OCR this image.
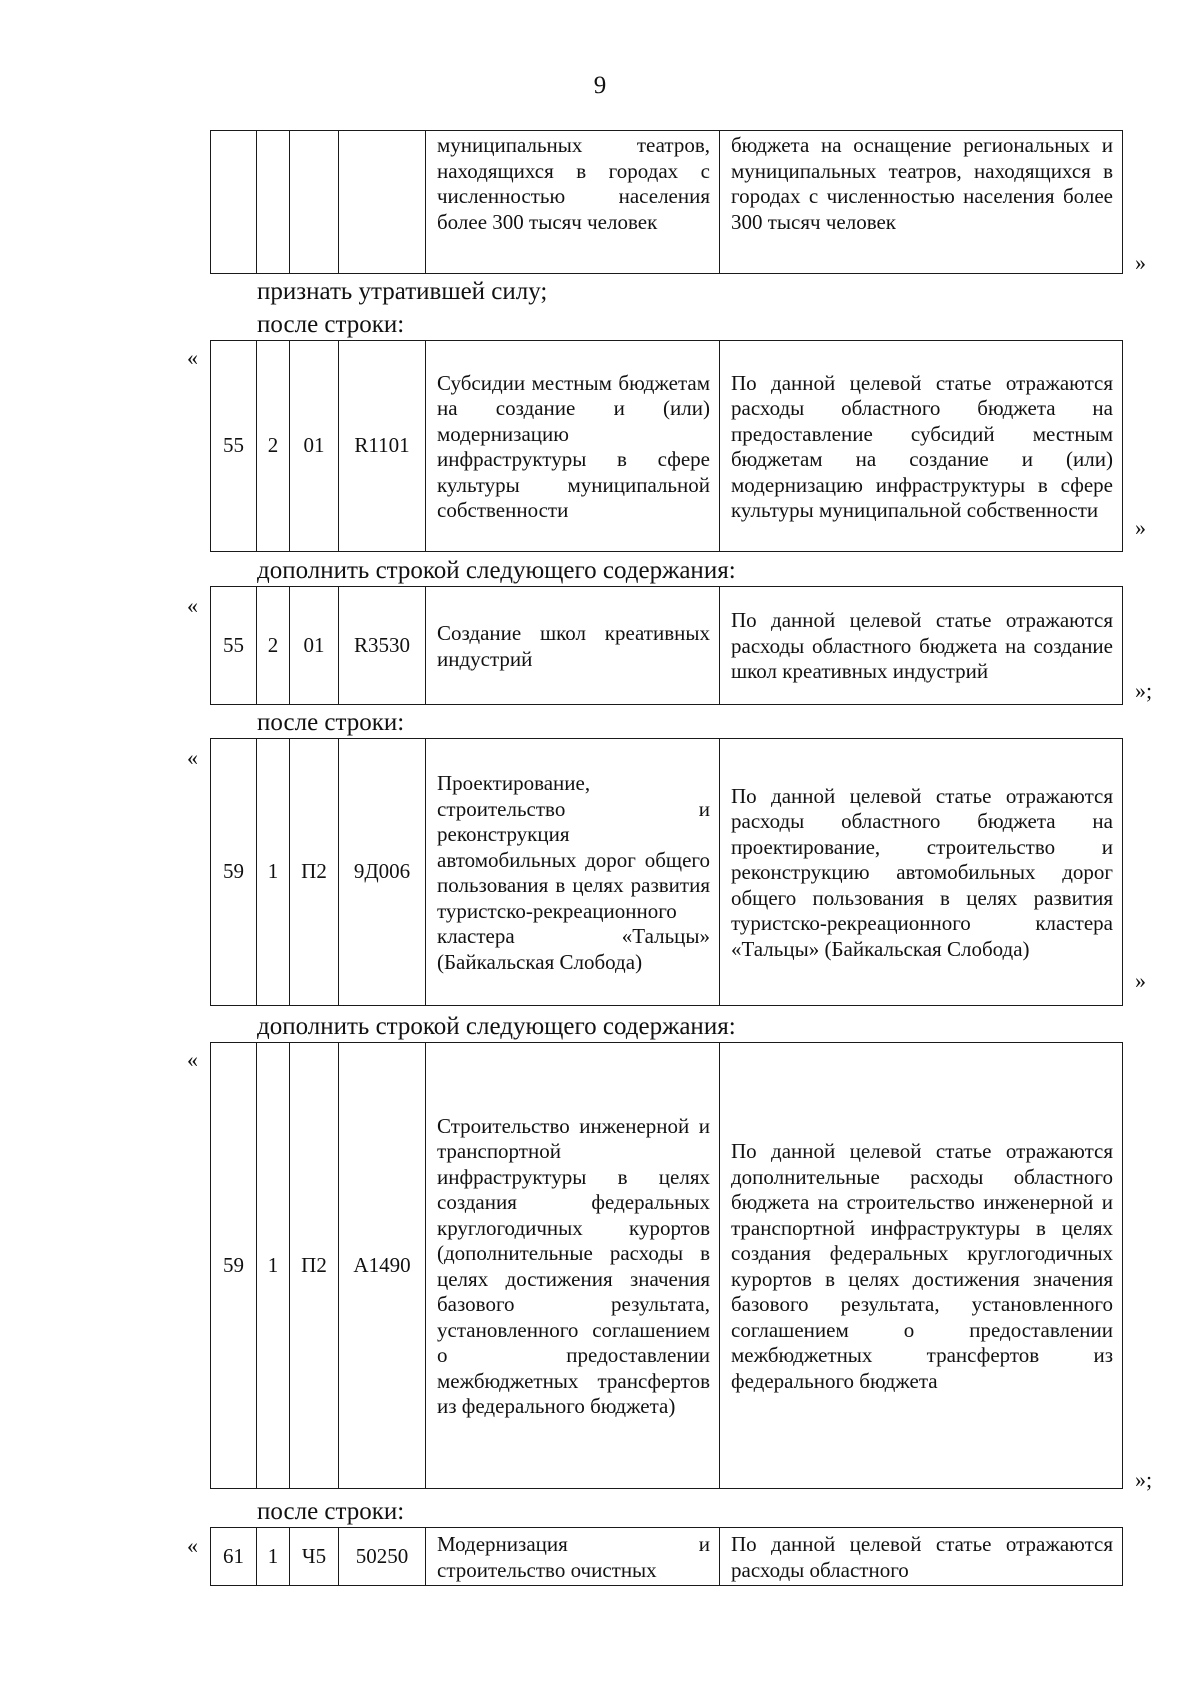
9
				муниципальных театров, находящихся в городах с численностью населения более 300 тысяч человек	бюджета на оснащение региональных и муниципальных театров, находящихся в городах с численностью населения более 300 тысяч человек
»
признать утратившей силу;
после строки:
«
55	2	01	R1101	Субсидии местным бюджетам на создание и (или) модернизацию инфраструктуры в сфере культуры муниципальной собственности	По данной целевой статье отражаются расходы областного бюджета на предоставление субсидий местным бюджетам на создание и (или) модернизацию инфраструктуры в сфере культуры муниципальной собственности
»
дополнить строкой следующего содержания:
«
55	2	01	R3530	Создание школ креативных индустрий	По данной целевой статье отражаются расходы областного бюджета на создание школ креативных индустрий
»;
после строки:
«
59	1	П2	9Д006	Проектирование, строительство и реконструкция автомобильных дорог общего пользования в целях развития туристско-рекреационного кластера «Тальцы» (Байкальская Слобода)	По данной целевой статье отражаются расходы областного бюджета на проектирование, строительство и реконструкцию автомобильных дорог общего пользования в целях развития туристско-рекреационного кластера «Тальцы» (Байкальская Слобода)
»
дополнить строкой следующего содержания:
«
59	1	П2	А1490	Строительство инженерной и транспортной инфраструктуры в целях создания федеральных круглогодичных курортов (дополнительные расходы в целях достижения значения базового результата, установленного соглашением о предоставлении межбюджетных трансфертов из федерального бюджета)	По данной целевой статье отражаются дополнительные расходы областного бюджета на строительство инженерной и транспортной инфраструктуры в целях создания федеральных круглогодичных курортов в целях достижения значения базового результата, установленного соглашением о предоставлении межбюджетных трансфертов из федерального бюджета
»;
после строки:
« 61	1	Ч5	50250	Модернизация и строительство очистных	По данной целевой статье отражаются расходы областного
